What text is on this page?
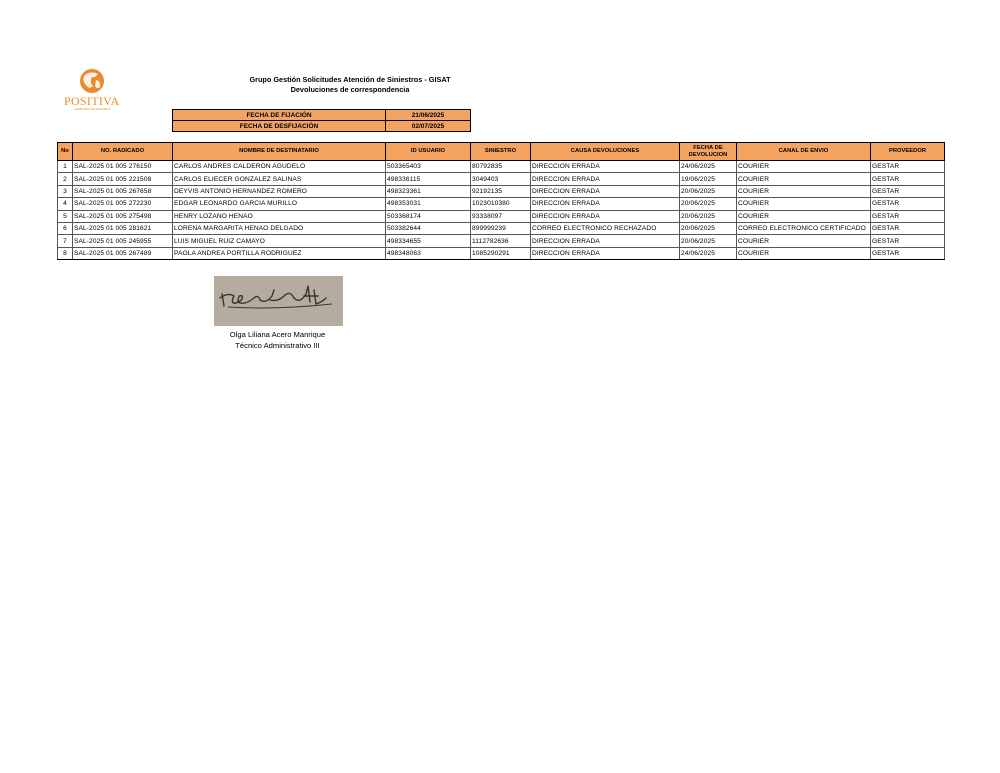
POSITIVA
COMPAÑÍA DE SEGUROS
Grupo Gestión Solicitudes Atención de Siniestros - GISAT
Devoluciones de correspondencia
FECHA DE FIJACIÓN	21/06/2025
FECHA DE DESFIJACIÓN	02/07/2025
No	NO. RADICADO	NOMBRE DE DESTINATARIO	ID USUARIO	SINIESTRO	CAUSA DEVOLUCIONES	FECHA DE DEVOLUCION	CANAL DE ENVIO	PROVEEDOR
1	SAL-2025 01 005 276150	CARLOS ANDRES CALDERON AGUDELO	503365403	80792835	DIRECCION ERRADA	24/06/2025	COURIER	GESTAR
2	SAL-2025 01 005 221508	CARLOS ELIECER GONZALEZ SALINAS	498336115	3049403	DIRECCION ERRADA	19/06/2025	COURIER	GESTAR
3	SAL-2025 01 005 267658	DEYVIS ANTONIO HERNANDEZ ROMERO	498323361	92192135	DIRECCION ERRADA	20/06/2025	COURIER	GESTAR
4	SAL-2025 01 005 272230	EDGAR LEONARDO GARCIA MURILLO	498353031	1023010380	DIRECCION ERRADA	20/06/2025	COURIER	GESTAR
5	SAL-2025 01 005 275498	HENRY LOZANO HENAO	503368174	93338097	DIRECCION ERRADA	20/06/2025	COURIER	GESTAR
6	SAL-2025 01 005 281621	LORENA MARGARITA HENAO DELGADO	503382644	899999239	CORREO ELECTRONICO RECHAZADO	20/06/2025	CORREO ELECTRONICO CERTIFICADO	GESTAR
7	SAL-2025 01 005 245955	LUIS MIGUEL RUIZ CAMAYO	498334655	1112782636	DIRECCION ERRADA	20/06/2025	COURIER	GESTAR
8	SAL-2025 01 005 267489	PAOLA ANDREA PORTILLA RODRIGUEZ	498348063	1085290291	DIRECCION ERRADA	24/06/2025	COURIER	GESTAR
Olga Liliana Acero Manrique
Técnico Administrativo III
